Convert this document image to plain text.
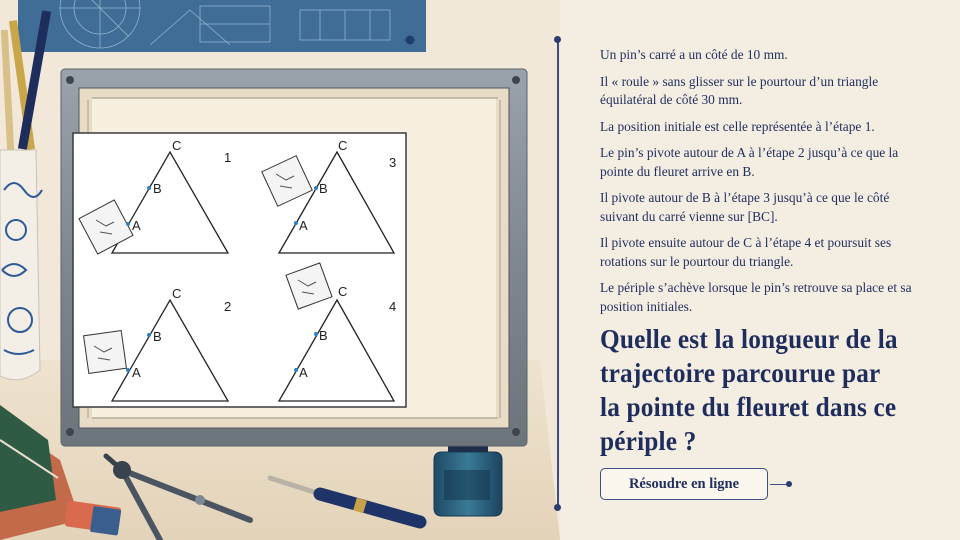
A
B
C
1
A
B
C
3
A
B
C
2
A
B
C
4

Un pin’s carré a un côté de 10 mm.

Il « roule » sans glisser sur le pourtour d’un triangle équilatéral de côté 30 mm.

La position initiale est celle représentée à l’étape 1.

Le pin’s pivote autour de A à l’étape 2 jusqu’à ce que la pointe du fleuret arrive en B.

Il pivote autour de B à l’étape 3 jusqu’à ce que le côté suivant du carré vienne sur [BC].

Il pivote ensuite autour de C à l’étape 4 et poursuit ses rotations sur le pourtour du triangle.

Le périple s’achève lorsque le pin’s retrouve sa place et sa position initiales.

Quelle est la longueur de la trajectoire parcourue par la pointe du fleuret dans ce périple ?
Résoudre en ligne
